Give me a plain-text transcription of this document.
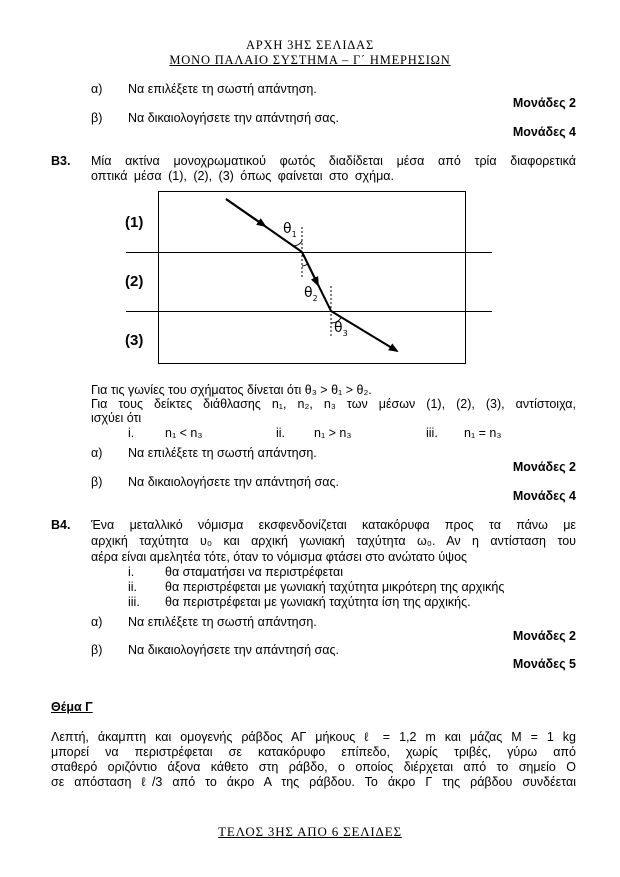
ΑΡΧΗ 3ΗΣ ΣΕΛΙΔΑΣ
ΜΟΝΟ ΠΑΛΑΙΟ ΣΥΣΤΗΜΑ – Γ΄ ΗΜΕΡΗΣΙΩΝ
α) Να επιλέξετε τη σωστή απάντηση.
Μονάδες 2
β) Να δικαιολογήσετε την απάντησή σας.
Μονάδες 4
Β3. Μία ακτίνα μονοχρωματικού φωτός διαδίδεται μέσα από τρία διαφορετικά
οπτικά μέσα (1), (2), (3) όπως φαίνεται στο σχήμα.
(1)
(2)
(3)
$\theta_1$
$\theta_2$
$\theta_3$
Για τις γωνίες του σχήματος δίνεται ότι θ₃ > θ₁ > θ₂.
Για τους δείκτες διάθλασης n₁, n₂, n₃ των μέσων (1), (2), (3), αντίστοιχα,
ισχύει ότι
i. n₁ < n₃	ii. n₁ > n₃	iii. n₁ = n₃
α) Να επιλέξετε τη σωστή απάντηση.
Μονάδες 2
β) Να δικαιολογήσετε την απάντησή σας.
Μονάδες 4
Β4. Ένα μεταλλικό νόμισμα εκσφενδονίζεται κατακόρυφα προς τα πάνω με
αρχική ταχύτητα υ₀ και αρχική γωνιακή ταχύτητα ω₀. Αν η αντίσταση του
αέρα είναι αμελητέα τότε, όταν το νόμισμα φτάσει στο ανώτατο ύψος
i. θα σταματήσει να περιστρέφεται
ii. θα περιστρέφεται με γωνιακή ταχύτητα μικρότερη της αρχικής
iii. θα περιστρέφεται με γωνιακή ταχύτητα ίση της αρχικής.
α) Να επιλέξετε τη σωστή απάντηση.
Μονάδες 2
β) Να δικαιολογήσετε την απάντησή σας.
Μονάδες 5
Θέμα Γ
Λεπτή, άκαμπτη και ομογενής ράβδος ΑΓ μήκους ℓ = 1,2 m και μάζας Μ = 1 kg
μπορεί να περιστρέφεται σε κατακόρυφο επίπεδο, χωρίς τριβές, γύρω από
σταθερό οριζόντιο άξονα κάθετο στη ράβδο, ο οποίος διέρχεται από το σημείο Ο
σε απόσταση ℓ/3 από το άκρο Α της ράβδου. Το άκρο Γ της ράβδου συνδέεται
ΤΕΛΟΣ 3ΗΣ ΑΠΟ 6 ΣΕΛΙΔΕΣ
